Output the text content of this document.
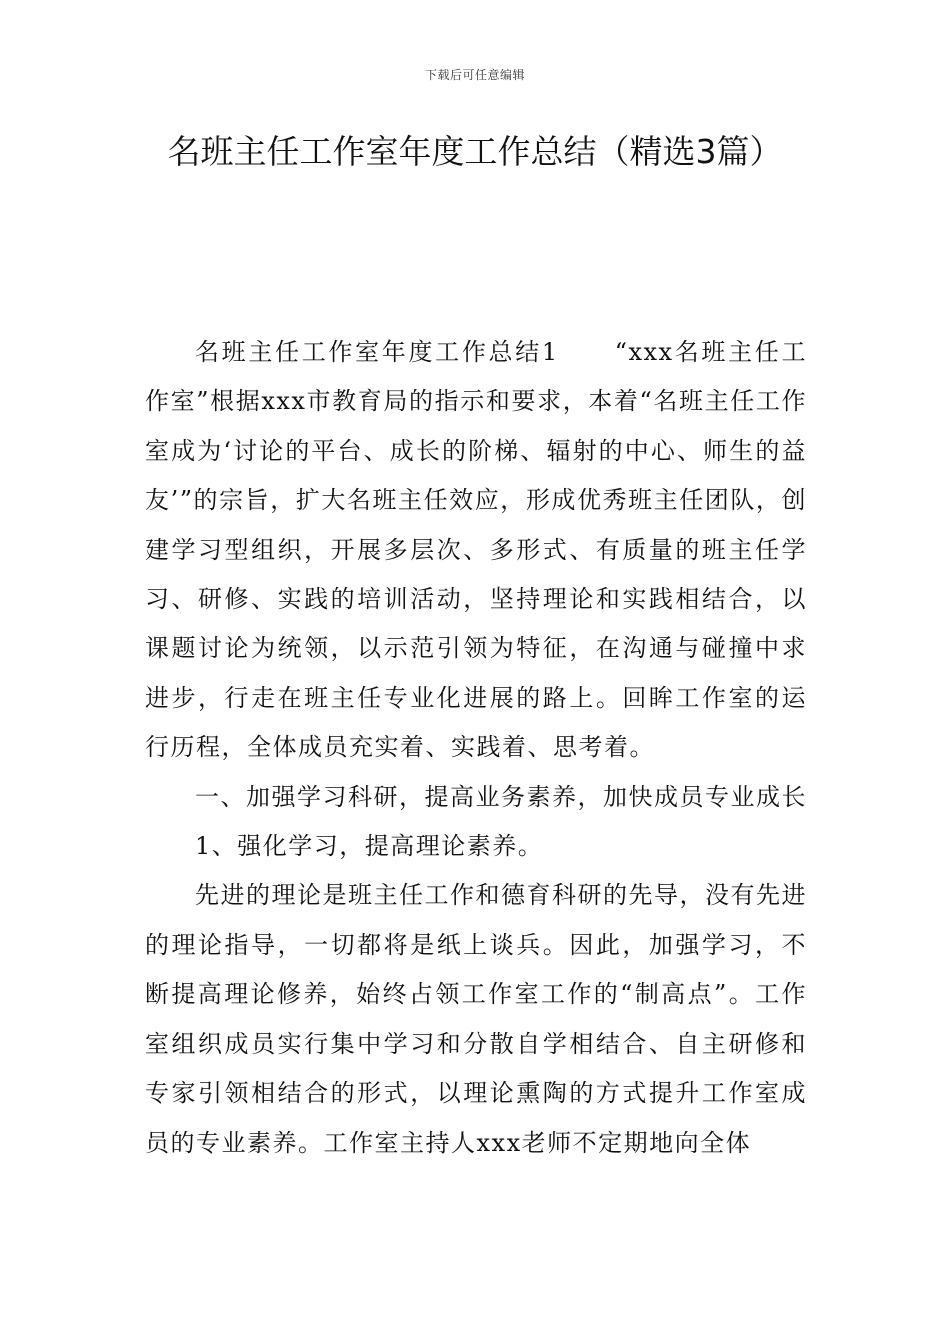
下载后可任意编辑
名班主任工作室年度工作总结（精选3篇）

名班主任工作室年度工作总结1 “xxx名班主任工作室”根据xxx市教育局的指示和要求，本着“名班主任工作室成为‘讨论的平台、成长的阶梯、辐射的中心、师生的益友’”的宗旨，扩大名班主任效应，形成优秀班主任团队，创建学习型组织，开展多层次、多形式、有质量的班主任学习、研修、实践的培训活动，坚持理论和实践相结合，以课题讨论为统领，以示范引领为特征，在沟通与碰撞中求进步，行走在班主任专业化进展的路上。回眸工作室的运行历程，全体成员充实着、实践着、思考着。

一、加强学习科研，提高业务素养，加快成员专业成长

1、强化学习，提高理论素养。

先进的理论是班主任工作和德育科研的先导，没有先进的理论指导，一切都将是纸上谈兵。因此，加强学习，不断提高理论修养，始终占领工作室工作的“制高点”。工作室组织成员实行集中学习和分散自学相结合、自主研修和专家引领相结合的形式，以理论熏陶的方式提升工作室成员的专业素养。工作室主持人xxx老师不定期地向全体
